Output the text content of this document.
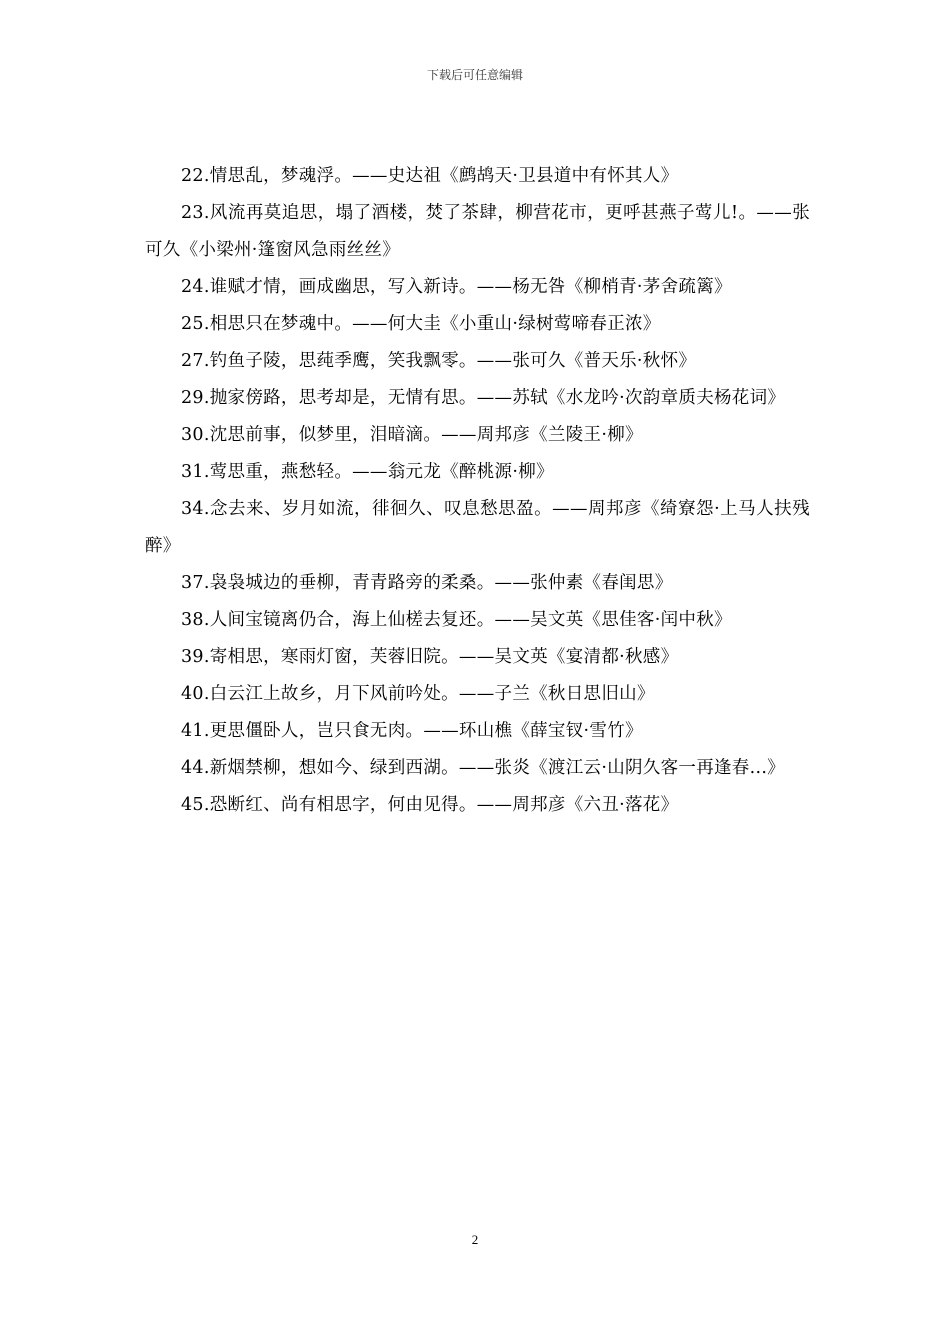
下载后可任意编辑

22.情思乱，梦魂浮。——史达祖《鹧鸪天·卫县道中有怀其人》

23.风流再莫追思，塌了酒楼，焚了茶肆，柳营花市，更呼甚燕子莺儿!。——张可久《小梁州·篷窗风急雨丝丝》

24.谁赋才情，画成幽思，写入新诗。——杨无咎《柳梢青·茅舍疏篱》

25.相思只在梦魂中。——何大圭《小重山·绿树莺啼春正浓》

27.钓鱼子陵，思莼季鹰，笑我飘零。——张可久《普天乐·秋怀》

29.抛家傍路，思考却是，无情有思。——苏轼《水龙吟·次韵章质夫杨花词》

30.沈思前事，似梦里，泪暗滴。——周邦彦《兰陵王·柳》

31.莺思重，燕愁轻。——翁元龙《醉桃源·柳》

34.念去来、岁月如流，徘徊久、叹息愁思盈。——周邦彦《绮寮怨·上马人扶残醉》

37.袅袅城边的垂柳，青青路旁的柔桑。——张仲素《春闺思》

38.人间宝镜离仍合，海上仙槎去复还。——吴文英《思佳客·闰中秋》

39.寄相思，寒雨灯窗，芙蓉旧院。——吴文英《宴清都·秋感》

40.白云江上故乡，月下风前吟处。——子兰《秋日思旧山》

41.更思僵卧人，岂只食无肉。——环山樵《薛宝钗·雪竹》

44.新烟禁柳，想如今、绿到西湖。——张炎《渡江云·山阴久客一再逢春...》

45.恐断红、尚有相思字，何由见得。——周邦彦《六丑·落花》

2
